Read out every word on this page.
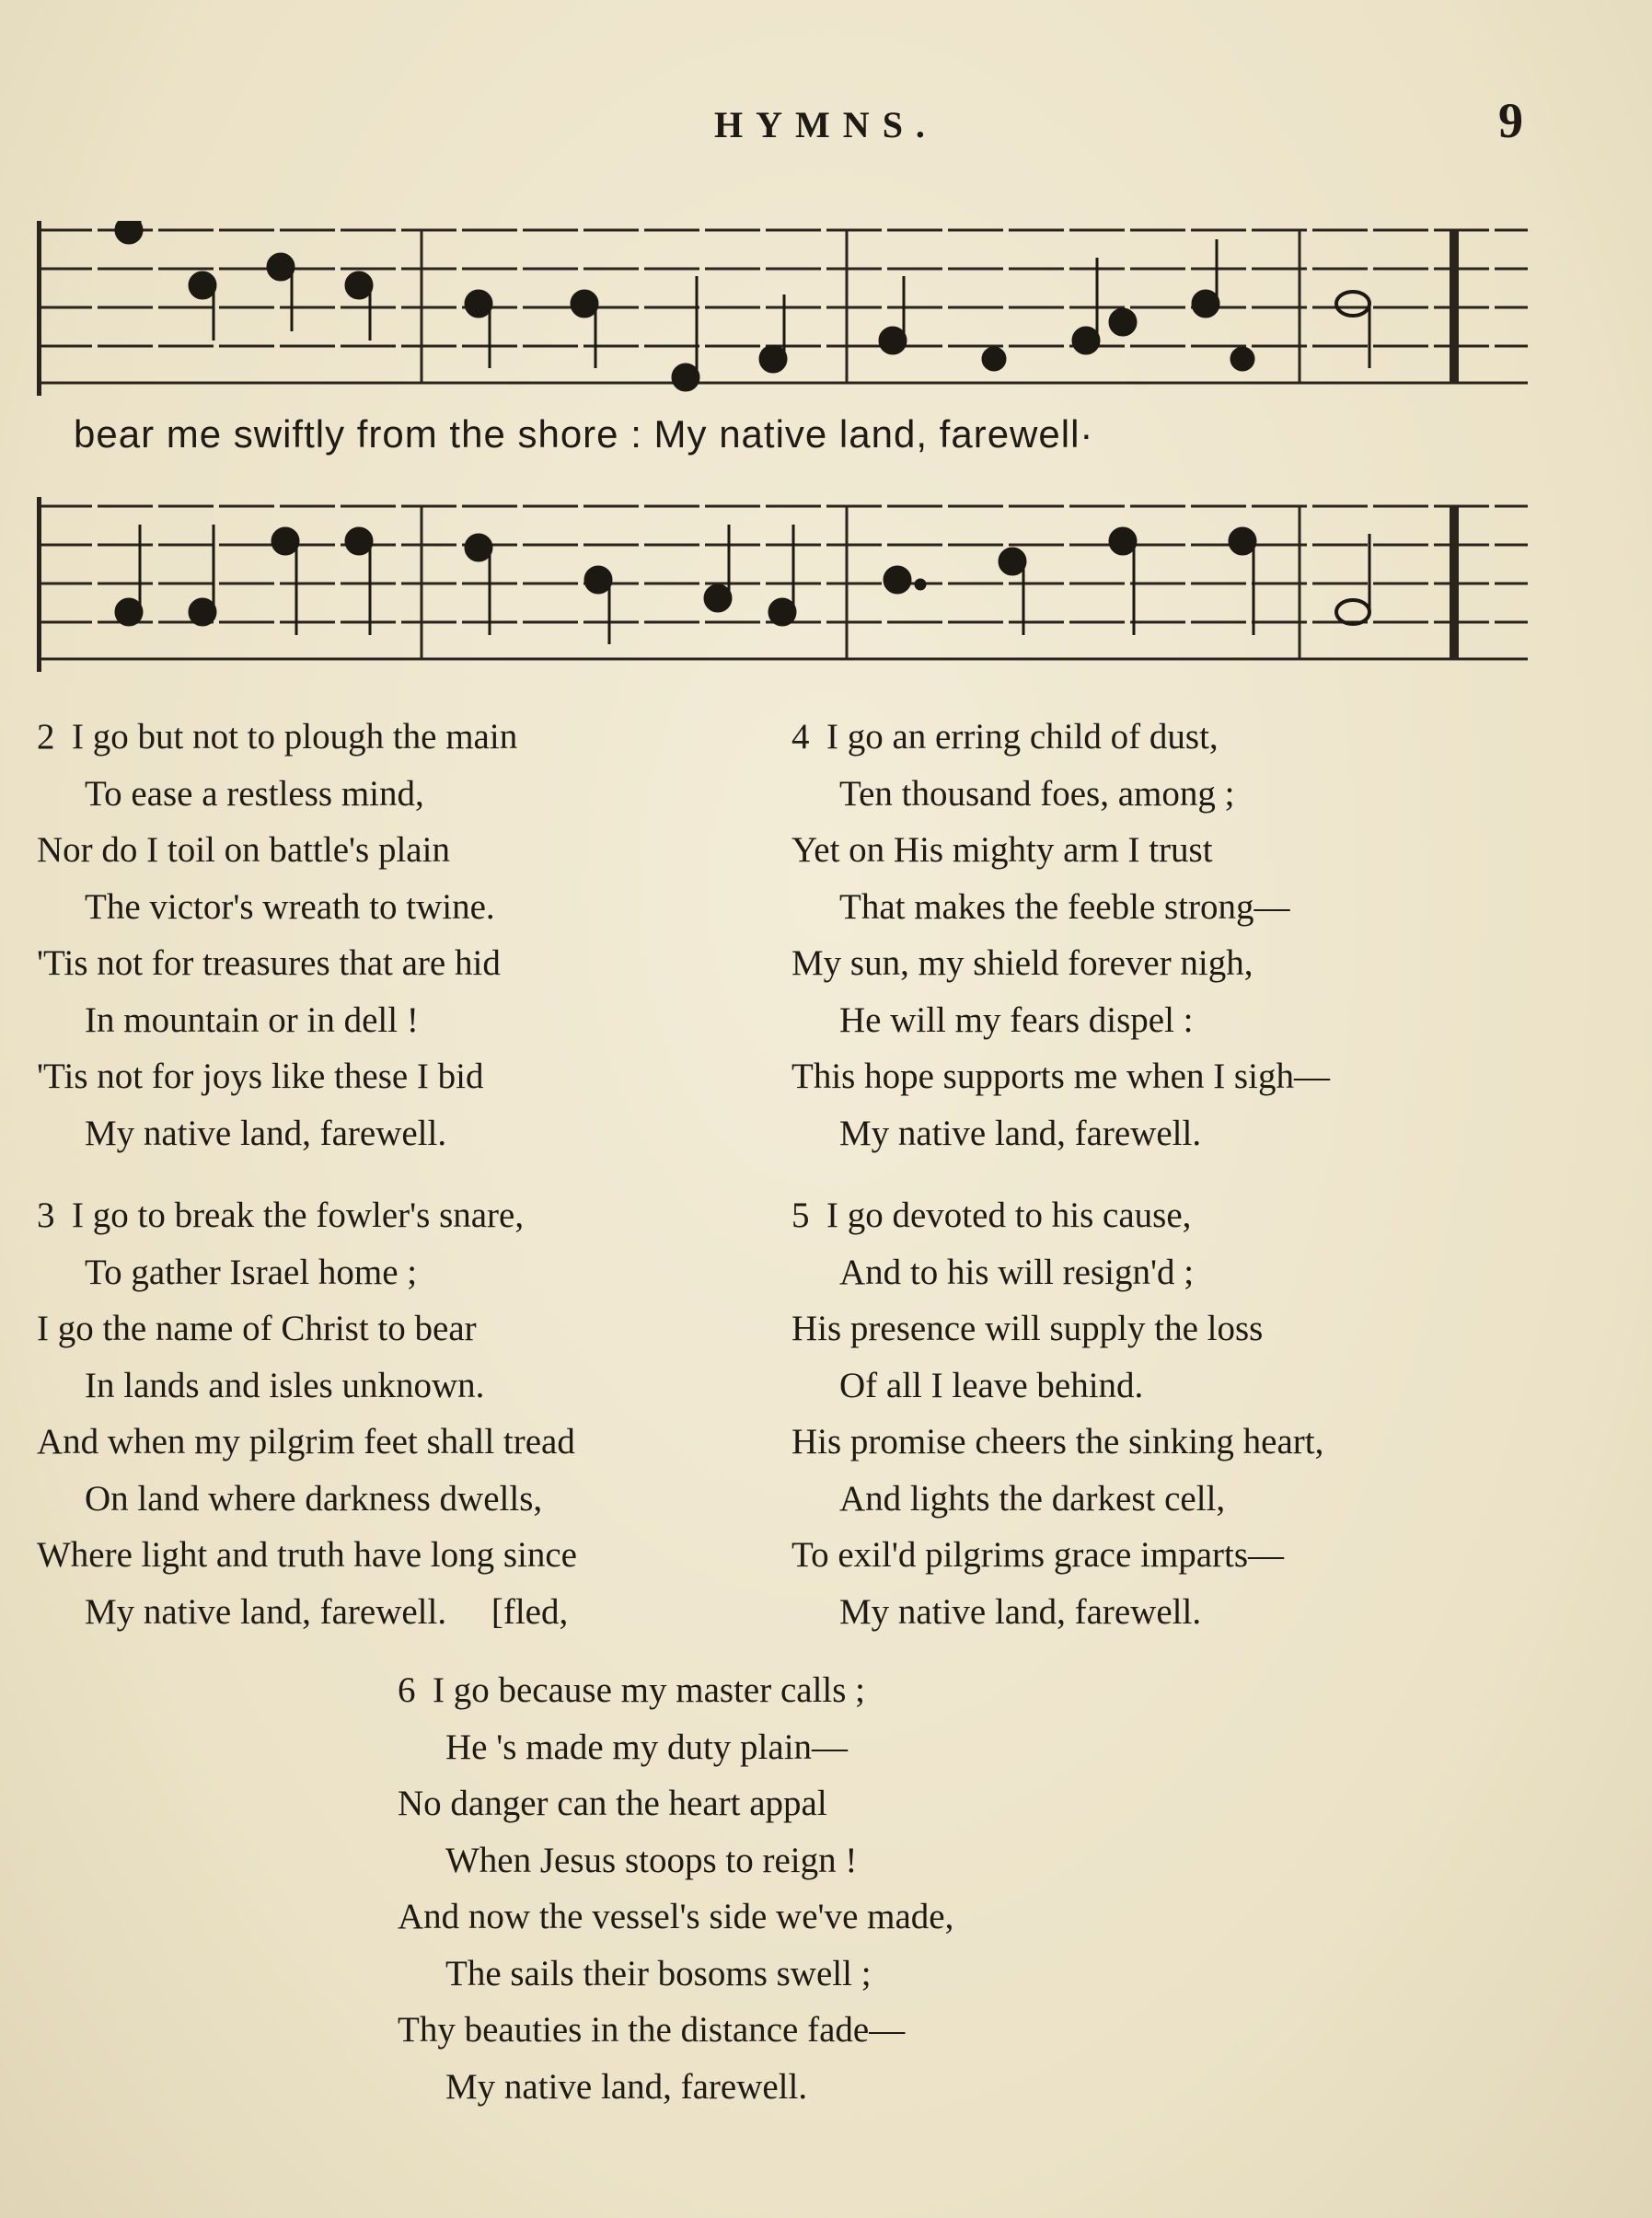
HYMNS.	9
bear me swiftly from the shore : My native land, farewell·
2 I go but not to plough the main
To ease a restless mind,
Nor do I toil on battle's plain
The victor's wreath to twine.
'Tis not for treasures that are hid
In mountain or in dell !
'Tis not for joys like these I bid
My native land, farewell.
4 I go an erring child of dust,
Ten thousand foes, among ;
Yet on His mighty arm I trust
That makes the feeble strong—
My sun, my shield forever nigh,
He will my fears dispel :
This hope supports me when I sigh—
My native land, farewell.
3 I go to break the fowler's snare,
To gather Israel home ;
I go the name of Christ to bear
In lands and isles unknown.
And when my pilgrim feet shall tread
On land where darkness dwells,
Where light and truth have long since
My native land, farewell.     [fled,
5 I go devoted to his cause,
And to his will resign'd ;
His presence will supply the loss
Of all I leave behind.
His promise cheers the sinking heart,
And lights the darkest cell,
To exil'd pilgrims grace imparts—
My native land, farewell.
6 I go because my master calls ;
He 's made my duty plain—
No danger can the heart appal
When Jesus stoops to reign !
And now the vessel's side we've made,
The sails their bosoms swell ;
Thy beauties in the distance fade—
My native land, farewell.
